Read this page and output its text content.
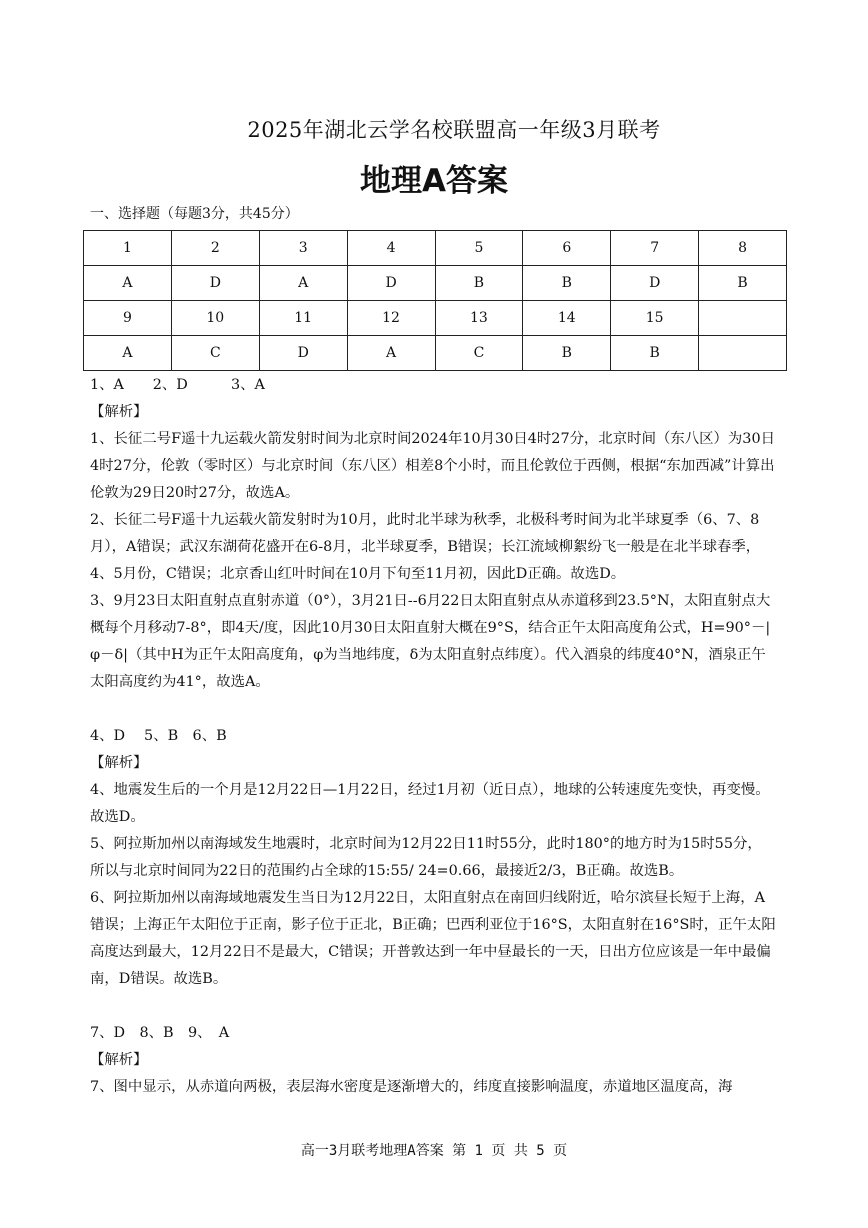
2025年湖北云学名校联盟高一年级3月联考
地理A答案
一、选择题（每题3分，共45分）
1	2	3	4	5	6	7	8
A	D	A	D	B	B	D	B
9	10	11	12	13	14	15	
A	C	D	A	C	B	B	

1、A　　2、D　　　3、A

【解析】

1、长征二号F遥十九运载火箭发射时间为北京时间2024年10月30日4时27分，北京时间（东八区）为30日4时27分，伦敦（零时区）与北京时间（东八区）相差8个小时，而且伦敦位于西侧，根据“东加西减”计算出伦敦为29日20时27分，故选A。

2、长征二号F遥十九运载火箭发射时为10月，此时北半球为秋季，北极科考时间为北半球夏季（6、7、8月），A错误；武汉东湖荷花盛开在6-8月，北半球夏季，B错误；长江流域柳絮纷飞一般是在北半球春季，4、5月份，C错误；北京香山红叶时间在10月下旬至11月初，因此D正确。故选D。

3、9月23日太阳直射点直射赤道（0°），3月21日--6月22日太阳直射点从赤道移到23.5°N，太阳直射点大概每个月移动7-8°，即4天/度，因此10月30日太阳直射大概在9°S，结合正午太阳高度角公式，H=90°－|φ－δ|（其中H为正午太阳高度角，φ为当地纬度，δ为太阳直射点纬度）。代入酒泉的纬度40°N，酒泉正午太阳高度约为41°，故选A。

4、D　 5、B　6、B

【解析】

4、地震发生后的一个月是12月22日—1月22日，经过1月初（近日点），地球的公转速度先变快，再变慢。故选D。

5、阿拉斯加州以南海域发生地震时，北京时间为12月22日11时55分，此时180°的地方时为15时55分，所以与北京时间同为22日的范围约占全球的15:55/ 24=0.66，最接近2/3，B正确。故选B。

6、阿拉斯加州以南海域地震发生当日为12月22日，太阳直射点在南回归线附近，哈尔滨昼长短于上海，A错误；上海正午太阳位于正南，影子位于正北，B正确；巴西利亚位于16°S，太阳直射在16°S时，正午太阳高度达到最大，12月22日不是最大，C错误；开普敦达到一年中昼最长的一天，日出方位应该是一年中最偏南，D错误。故选B。

7、D　8、B　9、　A

【解析】

7、图中显示，从赤道向两极，表层海水密度是逐渐增大的，纬度直接影响温度，赤道地区温度高，海

高一3月联考地理A答案 第 1 页 共 5 页
